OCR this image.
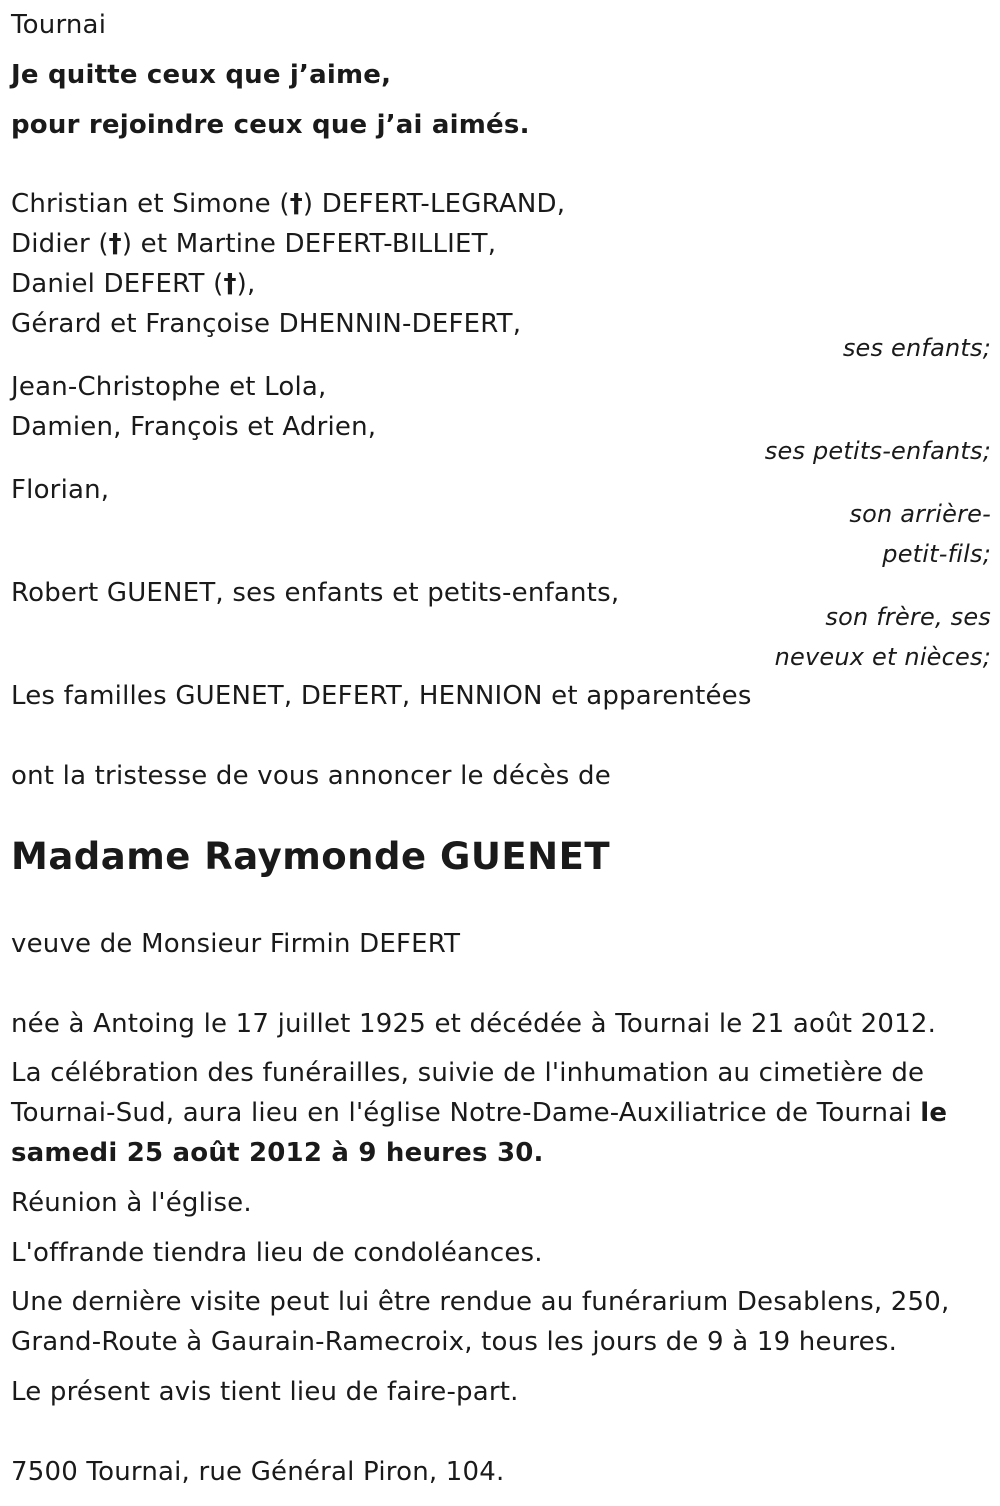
Tournai
Je quitte ceux que j’aime,
pour rejoindre ceux que j’ai aimés.
Christian et Simone (†) DEFERT-LEGRAND,
Didier (†) et Martine DEFERT-BILLIET,
Daniel DEFERT (†),
Gérard et Françoise DHENNIN-DEFERT,
ses enfants;
Jean-Christophe et Lola,
Damien, François et Adrien,
ses petits-enfants;
Florian,
son arrière-
petit-fils;
Robert GUENET, ses enfants et petits-enfants,
son frère, ses
neveux et nièces;
Les familles GUENET, DEFERT, HENNION et apparentées
ont la tristesse de vous annoncer le décès de
Madame Raymonde GUENET
veuve de Monsieur Firmin DEFERT
née à Antoing le 17 juillet 1925 et décédée à Tournai le 21 août 2012.
La célébration des funérailles, suivie de l'inhumation au cimetière de
Tournai-Sud, aura lieu en l'église Notre-Dame-Auxiliatrice de Tournai le
samedi 25 août 2012 à 9 heures 30.
Réunion à l'église.
L'offrande tiendra lieu de condoléances.
Une dernière visite peut lui être rendue au funérarium Desablens, 250,
Grand-Route à Gaurain-Ramecroix, tous les jours de 9 à 19 heures.
Le présent avis tient lieu de faire-part.
7500 Tournai, rue Général Piron, 104.
